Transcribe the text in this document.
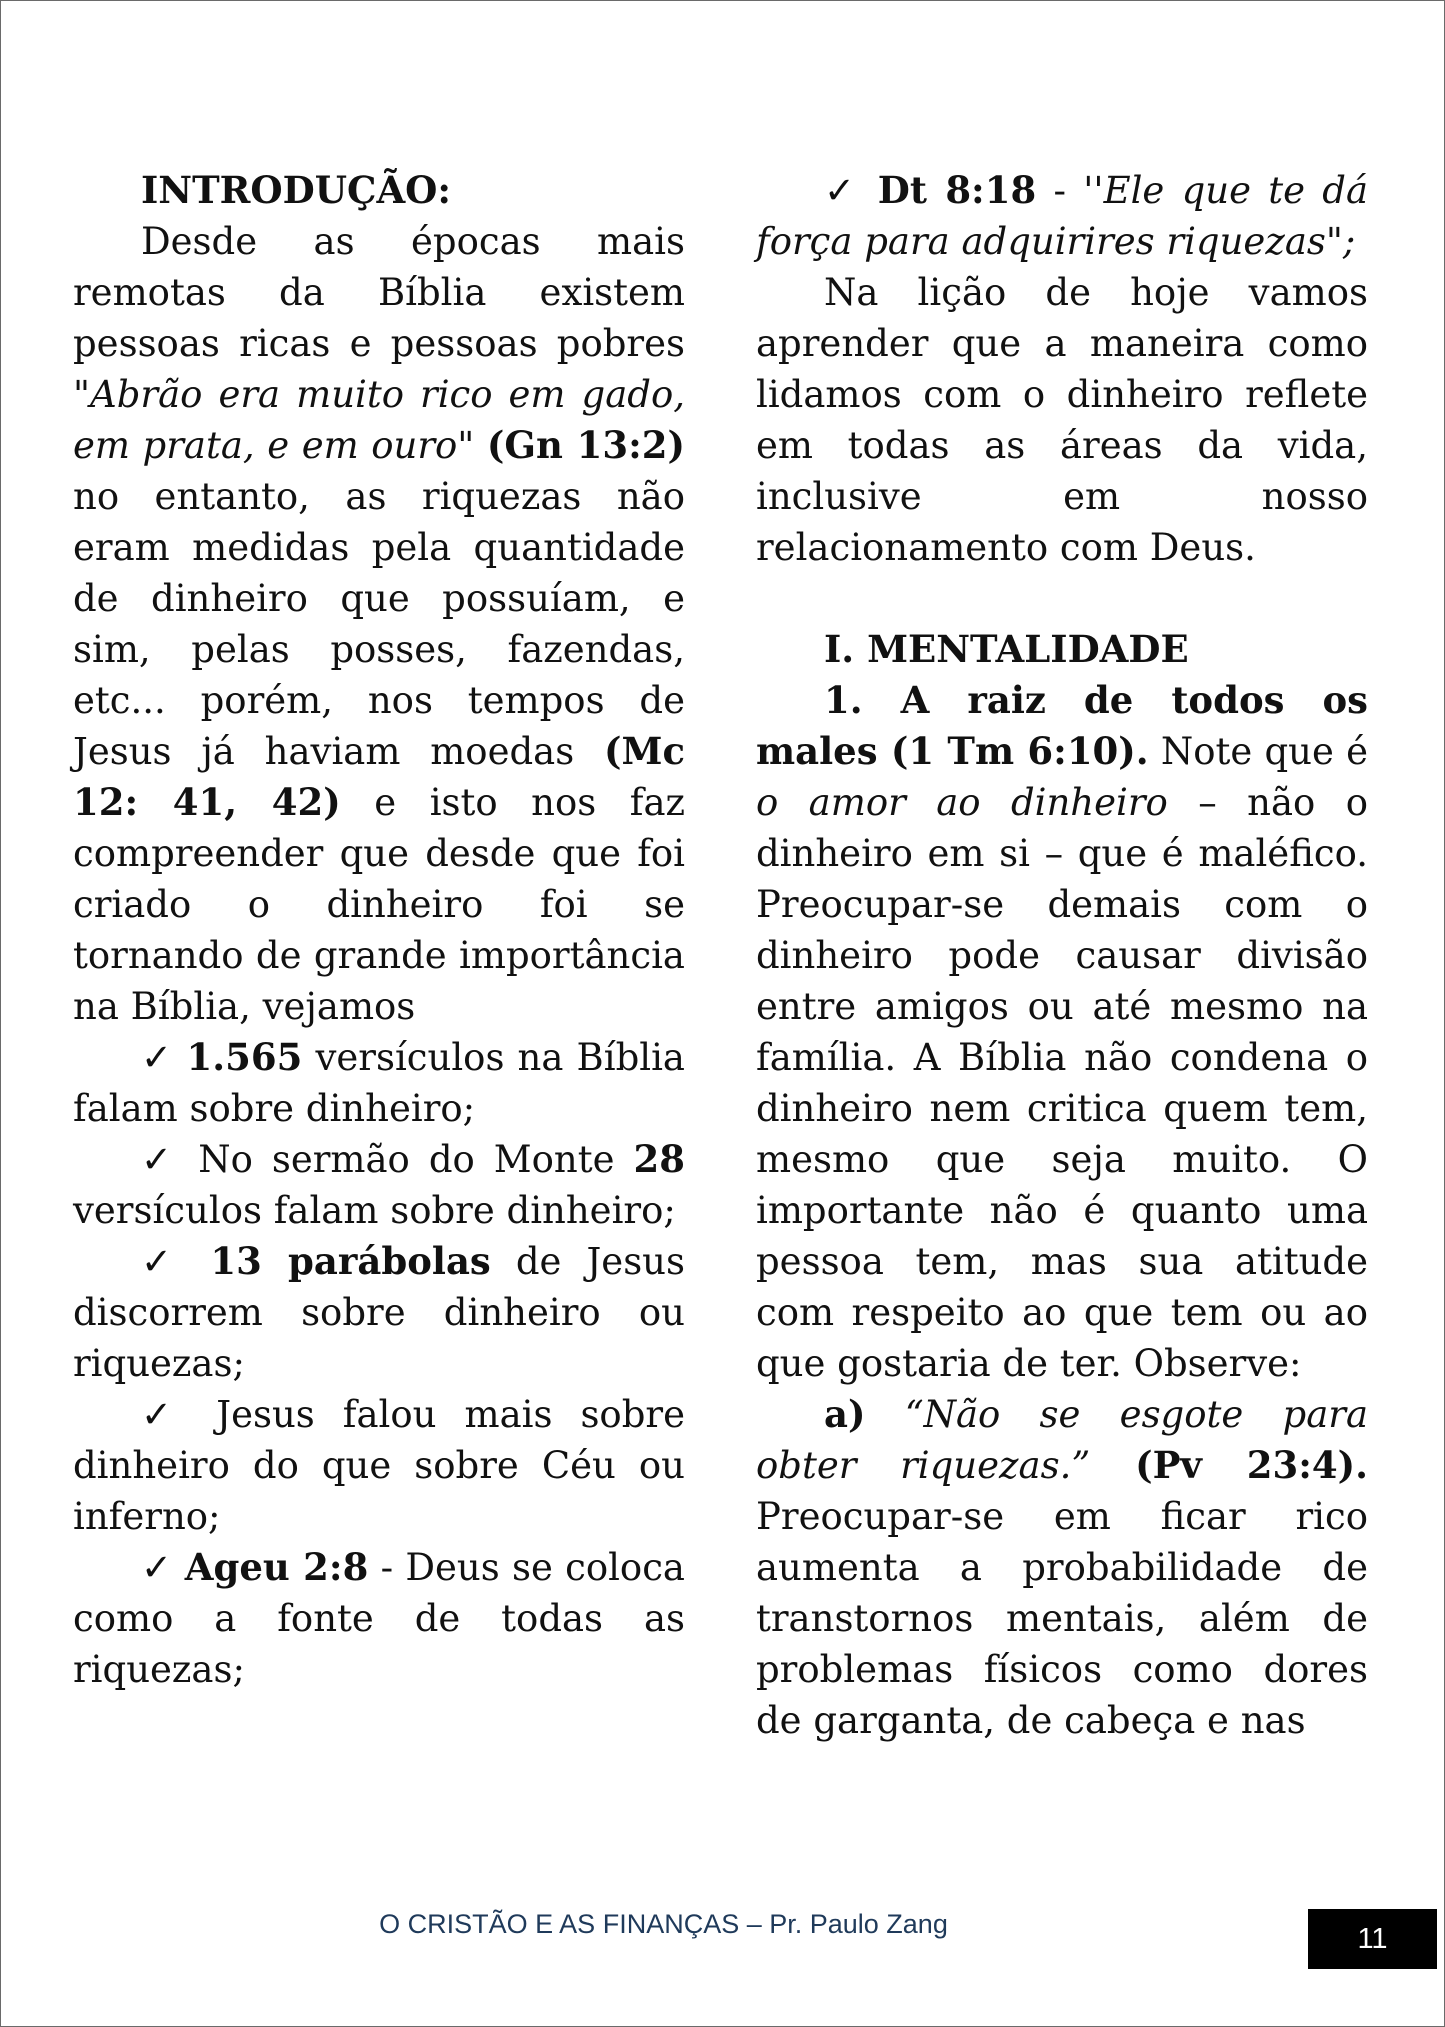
INTRODUÇÃO:

Desde as épocas mais remotas da Bíblia existem pessoas ricas e pessoas pobres "Abrão era muito rico em gado, em prata, e em ouro" (Gn 13:2) no entanto, as riquezas não eram medidas pela quantidade de dinheiro que possuíam, e sim, pelas posses, fazendas, etc... porém, nos tempos de Jesus já haviam moedas (Mc 12: 41, 42) e isto nos faz compreender que desde que foi criado o dinheiro foi se tornando de grande importância na Bíblia, vejamos

✓ 1.565 versículos na Bíblia falam sobre dinheiro;

✓ No sermão do Monte 28 versículos falam sobre dinheiro;

✓ 13 parábolas de Jesus discorrem sobre dinheiro ou riquezas;

✓ Jesus falou mais sobre dinheiro do que sobre Céu ou inferno;

✓ Ageu 2:8 - Deus se coloca como a fonte de todas as riquezas;

✓ Dt 8:18 - ''Ele que te dá força para adquirires riquezas";

Na lição de hoje vamos aprender que a maneira como lidamos com o dinheiro reflete em todas as áreas da vida, inclusive em nosso relacionamento com Deus.

I. MENTALIDADE

1. A raiz de todos os males (1 Tm 6:10). Note que é o amor ao dinheiro – não o dinheiro em si – que é maléfico. Preocupar-se demais com o dinheiro pode causar divisão entre amigos ou até mesmo na família. A Bíblia não condena o dinheiro nem critica quem tem, mesmo que seja muito. O importante não é quanto uma pessoa tem, mas sua atitude com respeito ao que tem ou ao que gostaria de ter. Observe:

a) “Não se esgote para obter riquezas.” (Pv 23:4). Preocupar-se em ficar rico aumenta a probabilidade de transtornos mentais, além de problemas físicos como dores de garganta, de cabeça e nas

O CRISTÃO E AS FINANÇAS – Pr. Paulo Zang	11
